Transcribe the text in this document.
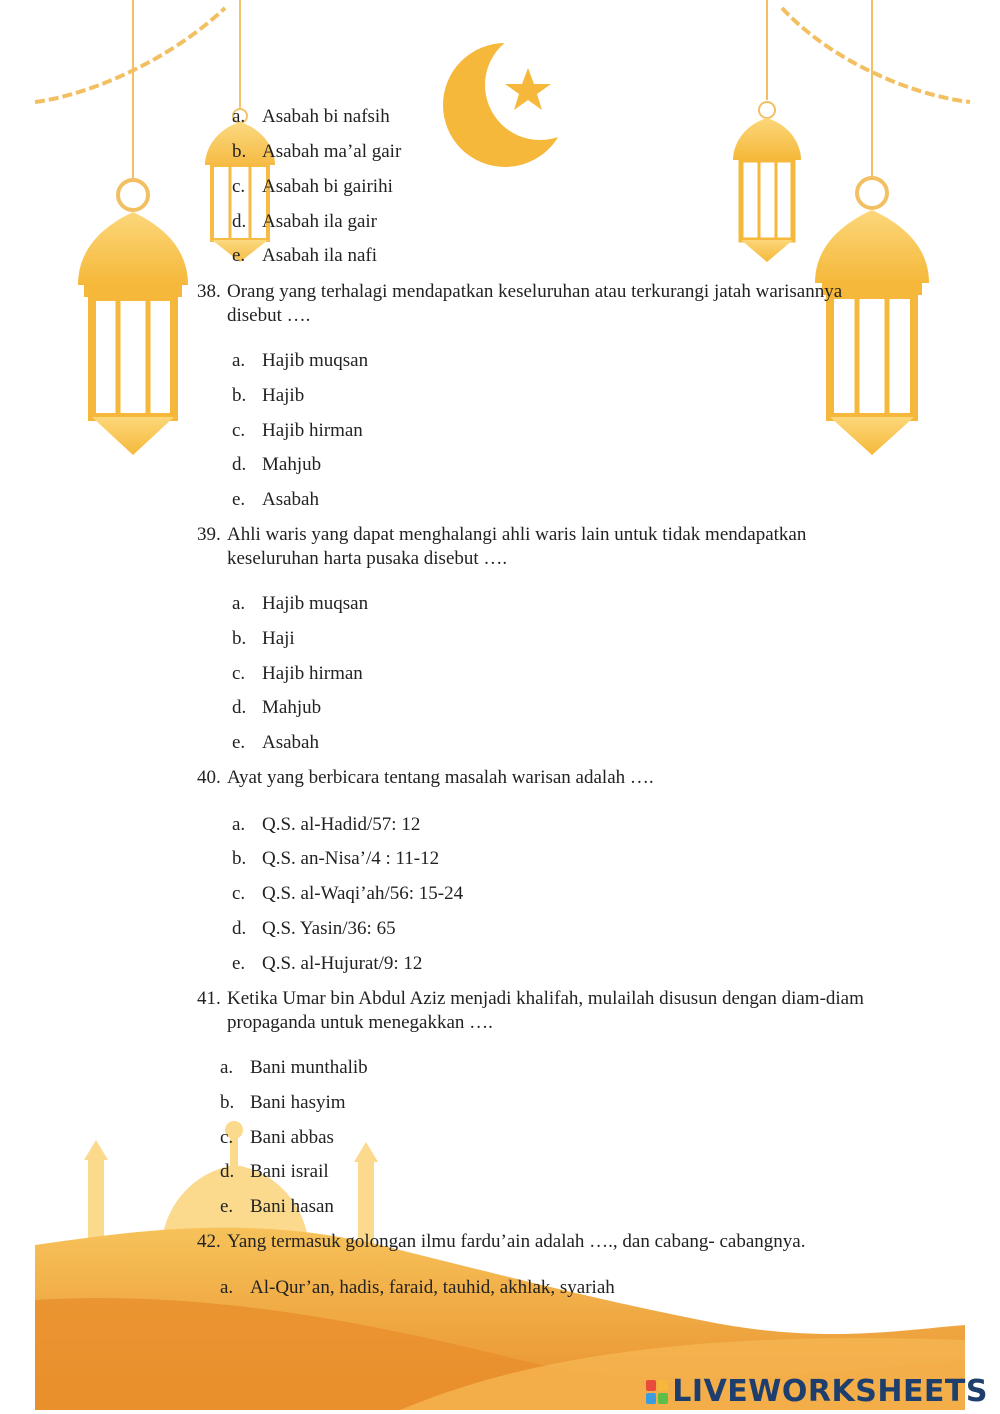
a. Asabah bi nafsih
b. Asabah ma’al gair
c. Asabah bi gairihi
d. Asabah ila gair
e. Asabah ila nafi
38. Orang yang terhalagi mendapatkan keseluruhan atau terkurangi jatah warisannya
disebut ….
a. Hajib muqsan
b. Hajib
c. Hajib hirman
d. Mahjub
e. Asabah
39. Ahli waris yang dapat menghalangi ahli waris lain untuk tidak mendapatkan
keseluruhan harta pusaka disebut ….
a. Hajib muqsan
b. Haji
c. Hajib hirman
d. Mahjub
e. Asabah
40. Ayat yang berbicara tentang masalah warisan adalah ….
a. Q.S. al-Hadid/57: 12
b. Q.S. an-Nisa’/4 : 11-12
c. Q.S. al-Waqi’ah/56: 15-24
d. Q.S. Yasin/36: 65
e. Q.S. al-Hujurat/9: 12
41. Ketika Umar bin Abdul Aziz menjadi khalifah, mulailah disusun dengan diam-diam
propaganda untuk menegakkan ….
a. Bani munthalib
b. Bani hasyim
c. Bani abbas
d. Bani israil
e. Bani hasan
42. Yang termasuk golongan ilmu fardu’ain adalah …., dan cabang- cabangnya.
a. Al-Qur’an, hadis, faraid, tauhid, akhlak, syariah
LIVEWORKSHEETS
